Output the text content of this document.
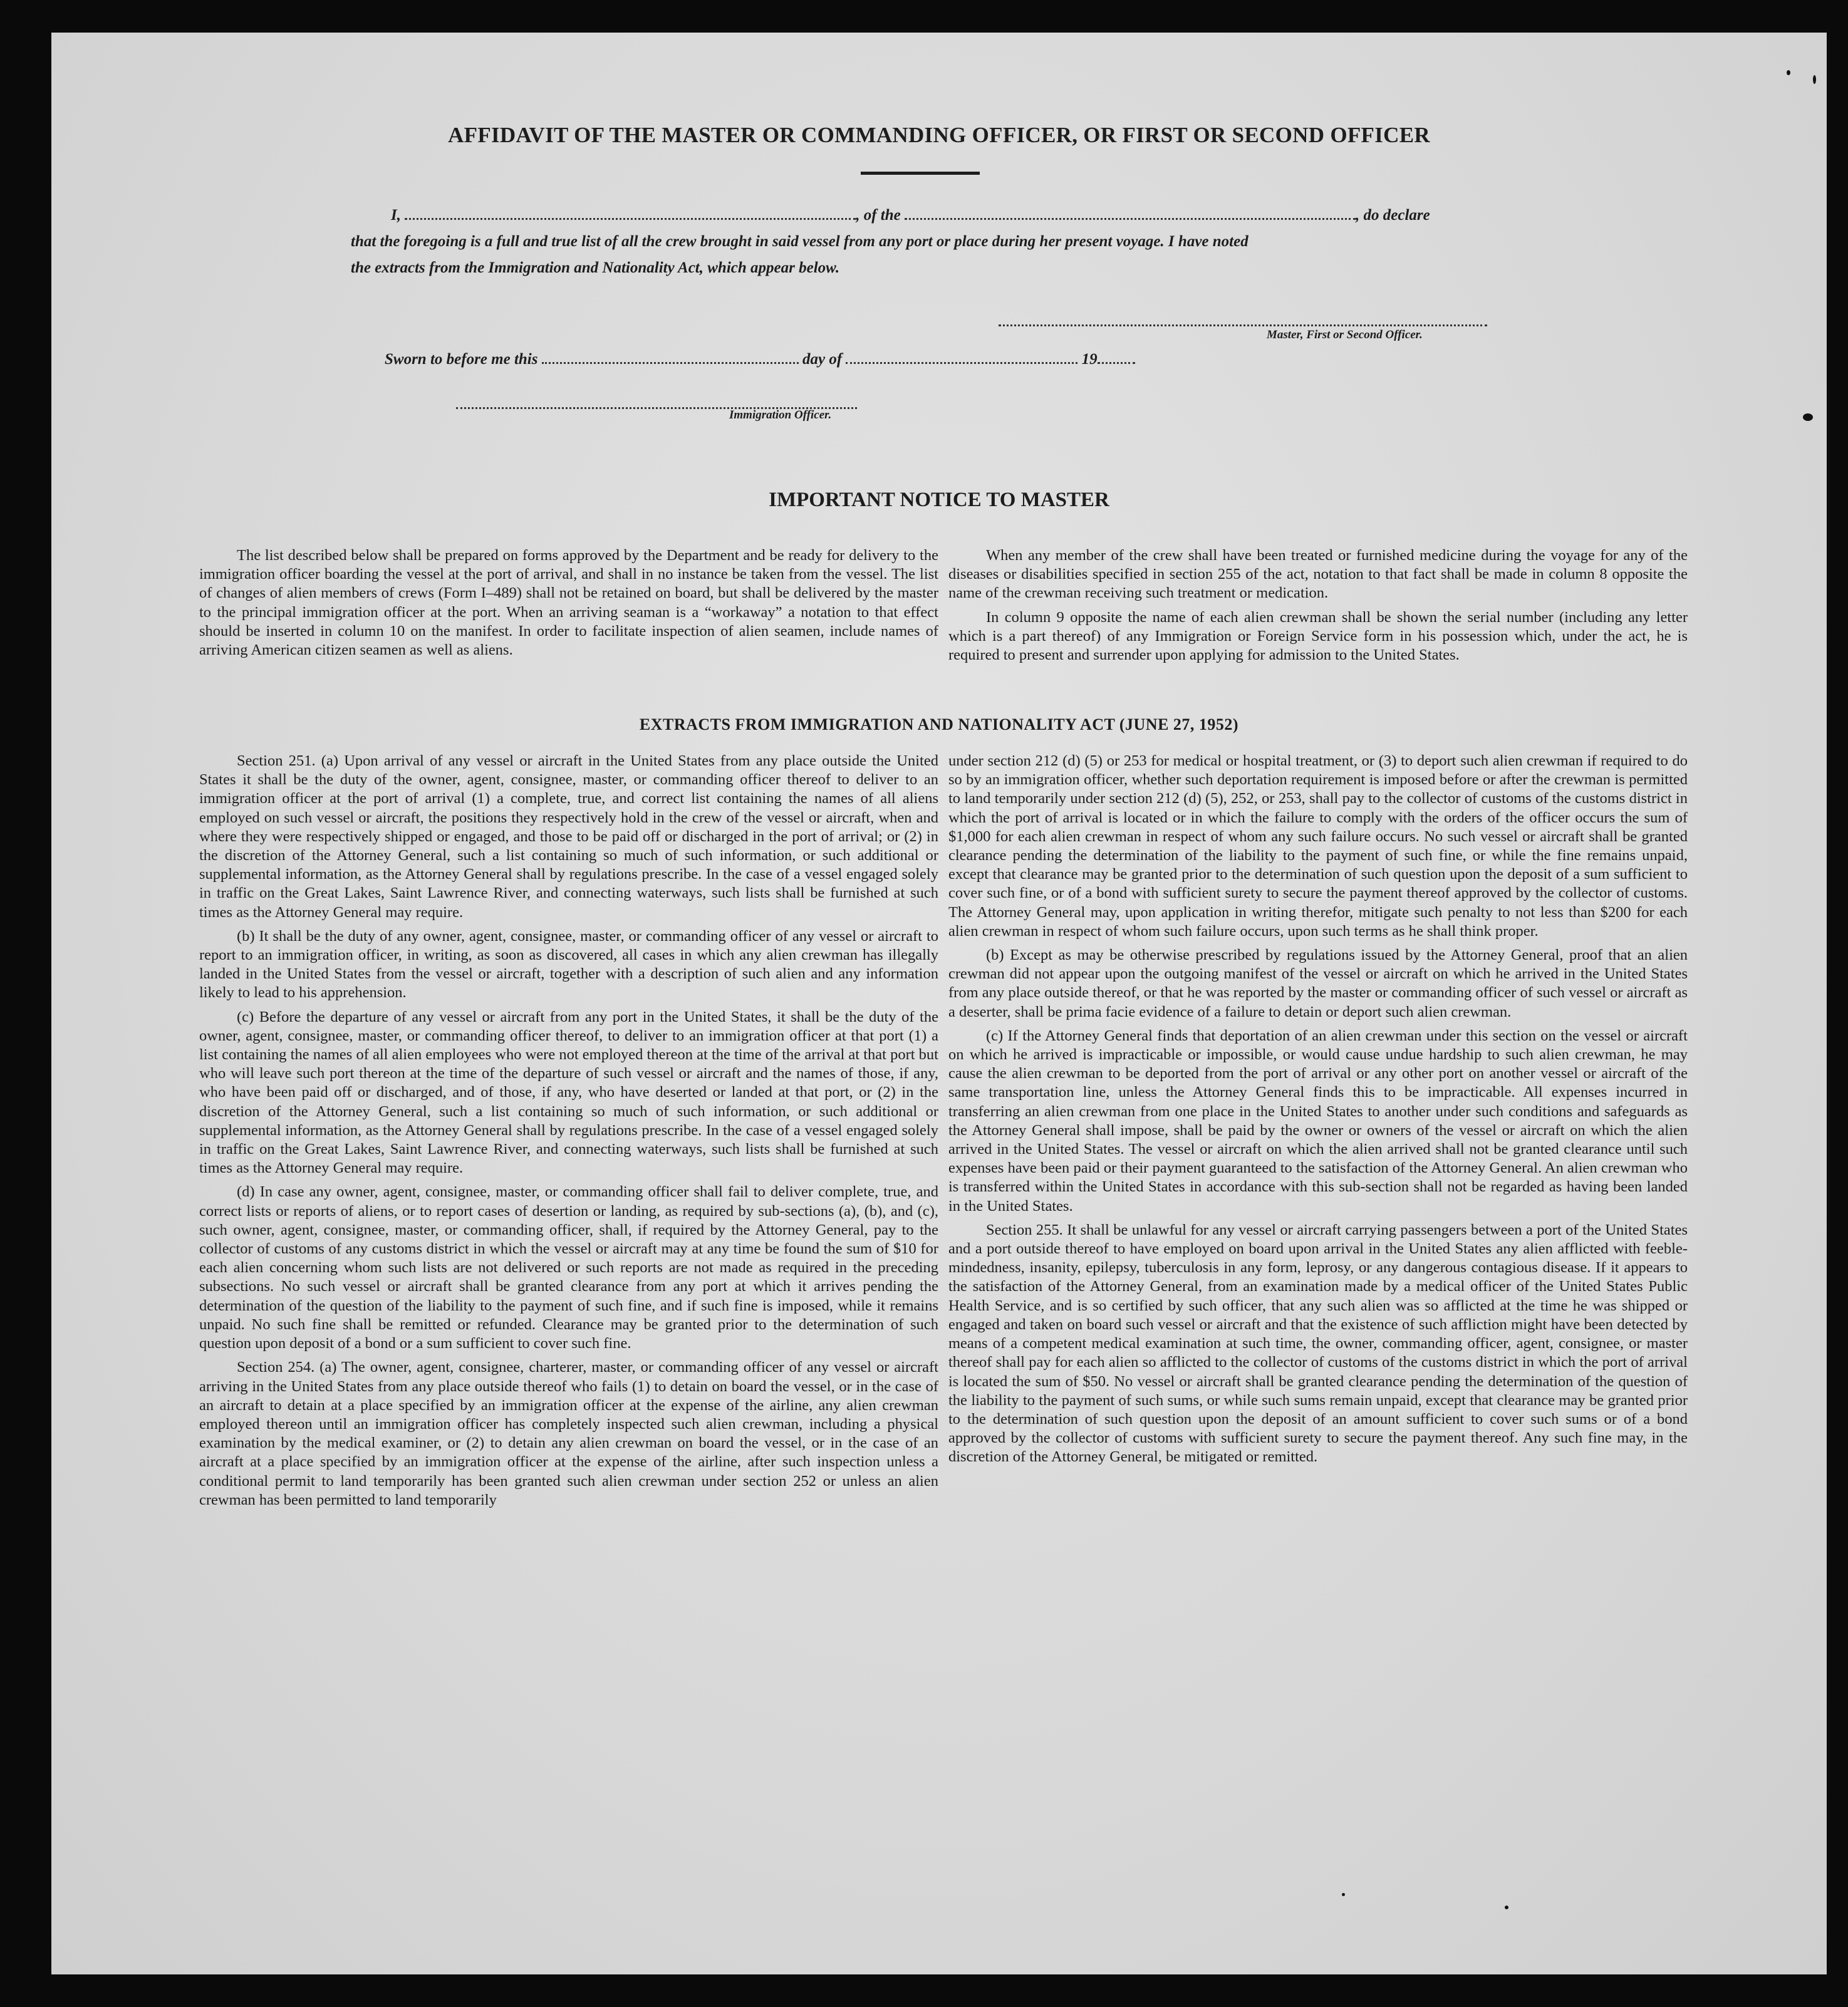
AFFIDAVIT OF THE MASTER OR COMMANDING OFFICER, OR FIRST OR SECOND OFFICER
I,	, of the	, do declare
that the foregoing is a full and true list of all the crew brought in said vessel from any port or place during her present voyage. I have noted
the extracts from the Immigration and Nationality Act, which appear below.
Master, First or Second Officer.
Sworn to before me this	day of	19
Immigration Officer.
IMPORTANT NOTICE TO MASTER

The list described below shall be prepared on forms approved by the Department and be ready for delivery to the immigration officer boarding the vessel at the port of arrival, and shall in no instance be taken from the vessel. The list of changes of alien members of crews (Form I–489) shall not be retained on board, but shall be delivered by the master to the principal immigration officer at the port. When an arriving seaman is a “workaway” a notation to that effect should be inserted in column 10 on the manifest. In order to facilitate inspection of alien seamen, include names of arriving American citizen seamen as well as aliens.

When any member of the crew shall have been treated or furnished medicine during the voyage for any of the diseases or disabilities specified in section 255 of the act, notation to that fact shall be made in column 8 opposite the name of the crewman receiving such treatment or medication.

In column 9 opposite the name of each alien crewman shall be shown the serial number (including any letter which is a part thereof) of any Immigration or Foreign Service form in his possession which, under the act, he is required to present and surrender upon applying for admission to the United States.

EXTRACTS FROM IMMIGRATION AND NATIONALITY ACT (JUNE 27, 1952)

Section 251. (a) Upon arrival of any vessel or aircraft in the United States from any place outside the United States it shall be the duty of the owner, agent, consignee, master, or commanding officer thereof to deliver to an immigration officer at the port of arrival (1) a complete, true, and correct list containing the names of all aliens employed on such vessel or aircraft, the positions they respectively hold in the crew of the vessel or aircraft, when and where they were respectively shipped or engaged, and those to be paid off or discharged in the port of arrival; or (2) in the discretion of the Attorney General, such a list containing so much of such information, or such additional or supplemental information, as the Attorney General shall by regulations prescribe. In the case of a vessel engaged solely in traffic on the Great Lakes, Saint Lawrence River, and connecting waterways, such lists shall be furnished at such times as the Attorney General may require.

(b) It shall be the duty of any owner, agent, consignee, master, or commanding officer of any vessel or aircraft to report to an immigration officer, in writing, as soon as discovered, all cases in which any alien crewman has illegally landed in the United States from the vessel or aircraft, together with a description of such alien and any information likely to lead to his apprehension.

(c) Before the departure of any vessel or aircraft from any port in the United States, it shall be the duty of the owner, agent, consignee, master, or commanding officer thereof, to deliver to an immigration officer at that port (1) a list containing the names of all alien employees who were not employed thereon at the time of the arrival at that port but who will leave such port thereon at the time of the departure of such vessel or aircraft and the names of those, if any, who have been paid off or discharged, and of those, if any, who have deserted or landed at that port, or (2) in the discretion of the Attorney General, such a list containing so much of such information, or such additional or supplemental information, as the Attorney General shall by regulations prescribe. In the case of a vessel engaged solely in traffic on the Great Lakes, Saint Lawrence River, and connecting waterways, such lists shall be furnished at such times as the Attorney General may require.

(d) In case any owner, agent, consignee, master, or commanding officer shall fail to deliver complete, true, and correct lists or reports of aliens, or to report cases of desertion or landing, as required by sub-sections (a), (b), and (c), such owner, agent, consignee, master, or commanding officer, shall, if required by the Attorney General, pay to the collector of customs of any customs district in which the vessel or aircraft may at any time be found the sum of $10 for each alien concerning whom such lists are not delivered or such reports are not made as required in the preceding subsections. No such vessel or aircraft shall be granted clearance from any port at which it arrives pending the determination of the question of the liability to the payment of such fine, and if such fine is imposed, while it remains unpaid. No such fine shall be remitted or refunded. Clearance may be granted prior to the determination of such question upon deposit of a bond or a sum sufficient to cover such fine.

Section 254. (a) The owner, agent, consignee, charterer, master, or commanding officer of any vessel or aircraft arriving in the United States from any place outside thereof who fails (1) to detain on board the vessel, or in the case of an aircraft to detain at a place specified by an immigration officer at the expense of the airline, any alien crewman employed thereon until an immigration officer has completely inspected such alien crewman, including a physical examination by the medical examiner, or (2) to detain any alien crewman on board the vessel, or in the case of an aircraft at a place specified by an immigration officer at the expense of the airline, after such inspection unless a conditional permit to land temporarily has been granted such alien crewman under section 252 or unless an alien crewman has been permitted to land temporarily

under section 212 (d) (5) or 253 for medical or hospital treatment, or (3) to deport such alien crewman if required to do so by an immigration officer, whether such deportation requirement is imposed before or after the crewman is permitted to land temporarily under section 212 (d) (5), 252, or 253, shall pay to the collector of customs of the customs district in which the port of arrival is located or in which the failure to comply with the orders of the officer occurs the sum of $1,000 for each alien crewman in respect of whom any such failure occurs. No such vessel or aircraft shall be granted clearance pending the determination of the liability to the payment of such fine, or while the fine remains unpaid, except that clearance may be granted prior to the determination of such question upon the deposit of a sum sufficient to cover such fine, or of a bond with sufficient surety to secure the payment thereof approved by the collector of customs. The Attorney General may, upon application in writing therefor, mitigate such penalty to not less than $200 for each alien crewman in respect of whom such failure occurs, upon such terms as he shall think proper.

(b) Except as may be otherwise prescribed by regulations issued by the Attorney General, proof that an alien crewman did not appear upon the outgoing manifest of the vessel or aircraft on which he arrived in the United States from any place outside thereof, or that he was reported by the master or commanding officer of such vessel or aircraft as a deserter, shall be prima facie evidence of a failure to detain or deport such alien crewman.

(c) If the Attorney General finds that deportation of an alien crewman under this section on the vessel or aircraft on which he arrived is impracticable or impossible, or would cause undue hardship to such alien crewman, he may cause the alien crewman to be deported from the port of arrival or any other port on another vessel or aircraft of the same transportation line, unless the Attorney General finds this to be impracticable. All expenses incurred in transferring an alien crewman from one place in the United States to another under such conditions and safeguards as the Attorney General shall impose, shall be paid by the owner or owners of the vessel or aircraft on which the alien arrived in the United States. The vessel or aircraft on which the alien arrived shall not be granted clearance until such expenses have been paid or their payment guaranteed to the satisfaction of the Attorney General. An alien crewman who is transferred within the United States in accordance with this sub-section shall not be regarded as having been landed in the United States.

Section 255. It shall be unlawful for any vessel or aircraft carrying passengers between a port of the United States and a port outside thereof to have employed on board upon arrival in the United States any alien afflicted with feeble-mindedness, insanity, epilepsy, tuberculosis in any form, leprosy, or any dangerous contagious disease. If it appears to the satisfaction of the Attorney General, from an examination made by a medical officer of the United States Public Health Service, and is so certified by such officer, that any such alien was so afflicted at the time he was shipped or engaged and taken on board such vessel or aircraft and that the existence of such affliction might have been detected by means of a competent medical examination at such time, the owner, commanding officer, agent, consignee, or master thereof shall pay for each alien so afflicted to the collector of customs of the customs district in which the port of arrival is located the sum of $50. No vessel or aircraft shall be granted clearance pending the determination of the question of the liability to the payment of such sums, or while such sums remain unpaid, except that clearance may be granted prior to the determination of such question upon the deposit of an amount sufficient to cover such sums or of a bond approved by the collector of customs with sufficient surety to secure the payment thereof. Any such fine may, in the discretion of the Attorney General, be mitigated or remitted.
